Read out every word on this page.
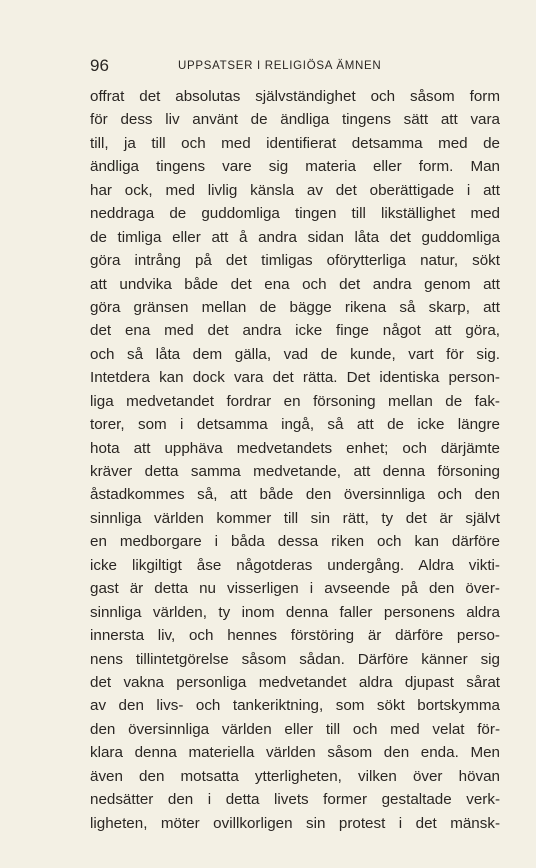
96	UPPSATSER I RELIGIÖSA ÄMNEN
offrat det absolutas självständighet och såsom form
för dess liv använt de ändliga tingens sätt att vara
till, ja till och med identifierat detsamma med de
ändliga tingens vare sig materia eller form. Man
har ock, med livlig känsla av det oberättigade i att
neddraga de guddomliga tingen till likställighet med
de timliga eller att å andra sidan låta det guddomliga
göra intrång på det timligas oförytterliga natur, sökt
att undvika både det ena och det andra genom att
göra gränsen mellan de bägge rikena så skarp, att
det ena med det andra icke finge något att göra,
och så låta dem gälla, vad de kunde, vart för sig.
Intetdera kan dock vara det rätta. Det identiska person-
liga medvetandet fordrar en försoning mellan de fak-
torer, som i detsamma ingå, så att de icke längre
hota att upphäva medvetandets enhet; och därjämte
kräver detta samma medvetande, att denna försoning
åstadkommes så, att både den översinnliga och den
sinnliga världen kommer till sin rätt, ty det är självt
en medborgare i båda dessa riken och kan därföre
icke likgiltigt åse någotderas undergång. Aldra vikti-
gast är detta nu visserligen i avseende på den över-
sinnliga världen, ty inom denna faller personens aldra
innersta liv, och hennes förstöring är därföre perso-
nens tillintetgörelse såsom sådan. Därföre känner sig
det vakna personliga medvetandet aldra djupast sårat
av den livs- och tankeriktning, som sökt bortskymma
den översinnliga världen eller till och med velat för-
klara denna materiella världen såsom den enda. Men
även den motsatta ytterligheten, vilken över hövan
nedsätter den i detta livets former gestaltade verk-
ligheten, möter ovillkorligen sin protest i det mänsk-
